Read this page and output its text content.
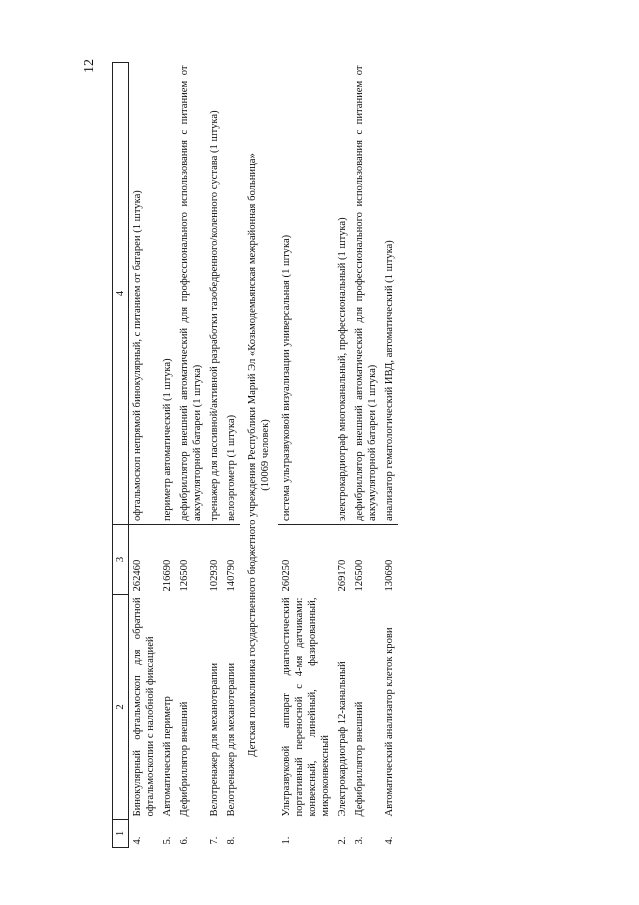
12
1	2	3	4
4.	Бинокулярный офтальмоскоп для обратной офтальмоскопии с налобной фиксацией	262460	офтальмоскоп непрямой бинокулярный, с питанием от батареи (1 штука)
5.	Автоматический периметр	216690	периметр автоматический (1 штука)
6.	Дефибриллятор внешний	126500	дефибриллятор внешний автоматический для профессионального использования с питанием от аккумуляторной батареи (1 штука)
7.	Велотренажер для механотерапии	102930	тренажер для пассивной/активной разработки тазобедренного/коленного сустава (1 штука)
8.	Велотренажер для механотерапии	140790	велоэргометр (1 штука)

Детская поликлиника государственного бюджетного учреждения Республики Марий Эл «Козьмодемьянская межрайонная больница» (10069 человек)			

1.	Ультразвуковой аппарат диагностический портативный переносной с 4-мя датчиками: конвексный, линейный, фазированный, микроконвексный	260250	система ультразвуковой визуализации универсальная (1 штука)
2.	Электрокардиограф 12-канальный	269170	электрокардиограф многоканальный, профессиональный (1 штука)
3.	Дефибриллятор внешний	126500	дефибриллятор внешний автоматический для профессионального использования с питанием от аккумуляторной батареи (1 штука)
4.	Автоматический анализатор клеток крови	130690	анализатор гематологический ИВД, автоматический (1 штука)
